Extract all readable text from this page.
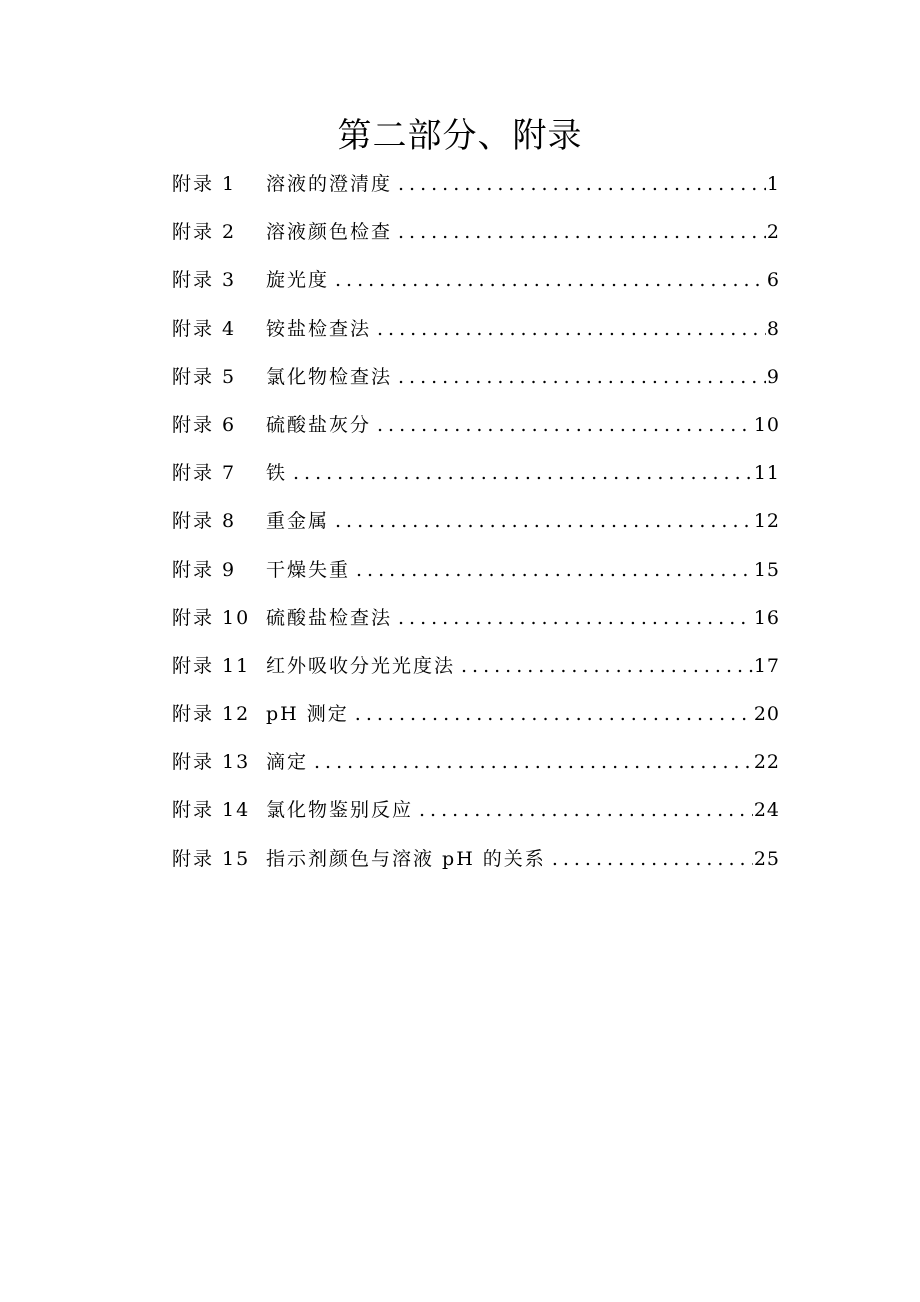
第二部分、附录
附录 1	溶液的澄清度 .....	1
附录 2	溶液颜色检查 .....	2
附录 3	旋光度 .....	6
附录 4	铵盐检查法 .....	8
附录 5	氯化物检查法 .....	9
附录 6	硫酸盐灰分 .....	10
附录 7	铁 .....	11
附录 8	重金属 .....	12
附录 9	干燥失重 .....	15
附录 10 硫酸盐检查法 .....	16
附录 11 红外吸收分光光度法 .....	17
附录 12 pH 测定 .....	20
附录 13 滴定 .....	22
附录 14 氯化物鉴别反应 .....	24
附录 15 指示剂颜色与溶液 pH 的关系 .....	25
